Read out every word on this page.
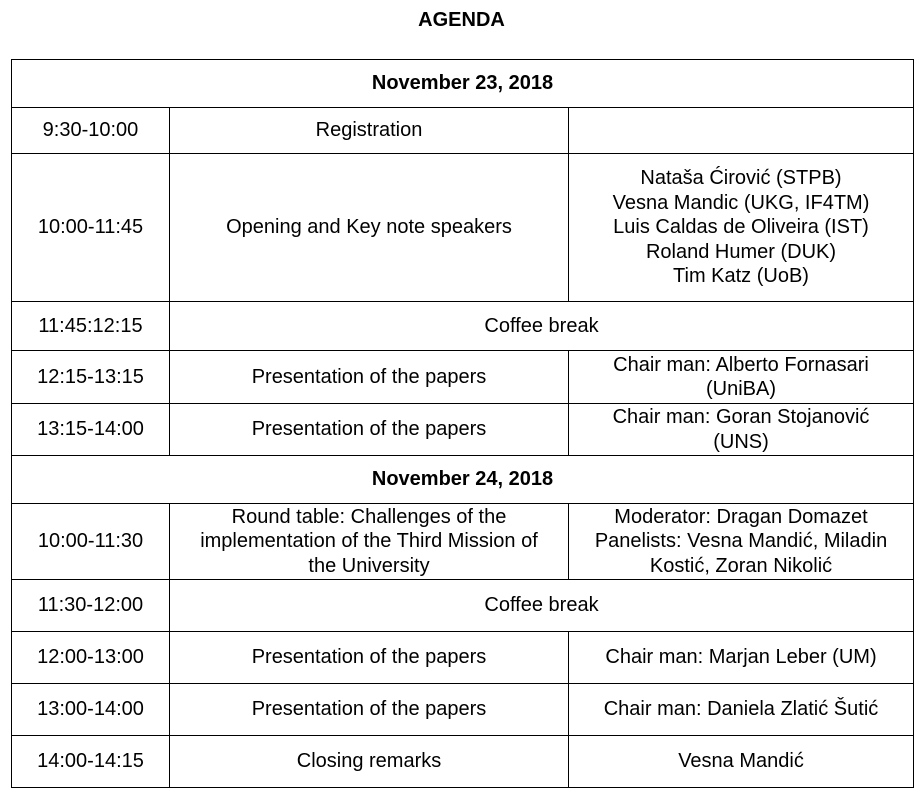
AGENDA
November 23, 2018		
9:30-10:00	Registration	

10:00-11:45	Opening and Key note speakers	Nataša Ćirović (STPB)
Vesna Mandic (UKG, IF4TM)
Luis Caldas de Oliveira (IST)
Roland Humer (DUK)
Tim Katz (UoB)

11:45:12:15	Coffee break	
12:15-13:15	Presentation of the papers	Chair man: Alberto Fornasari
(UniBA)

13:15-14:00	Presentation of the papers	Chair man: Goran Stojanović
(UNS)

November 24, 2018		
10:00-11:30	Round table: Challenges of the
implementation of the Third Mission of
the University	Moderator: Dragan Domazet
Panelists: Vesna Mandić, Miladin
Kostić, Zoran Nikolić

11:30-12:00	Coffee break	
12:00-13:00	Presentation of the papers	Chair man: Marjan Leber (UM)

13:00-14:00	Presentation of the papers	Chair man: Daniela Zlatić Šutić

14:00-14:15	Closing remarks	Vesna Mandić
